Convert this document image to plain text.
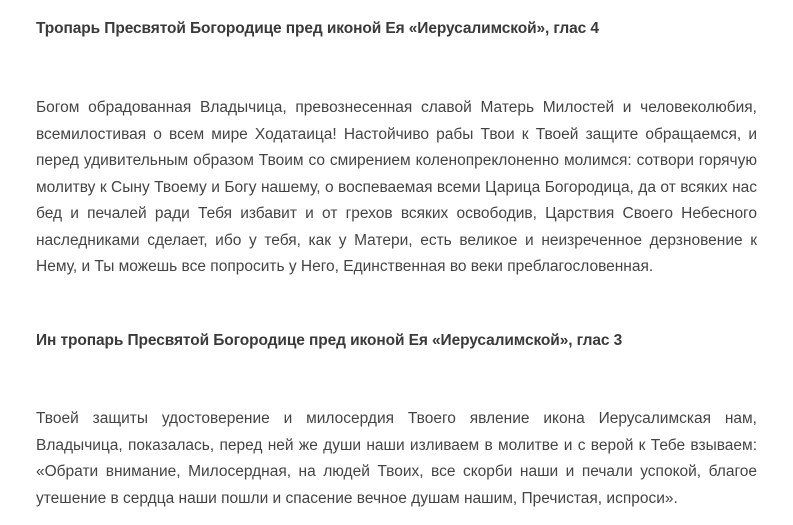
Тропарь Пресвятой Богородице пред иконой Ея «Иерусалимской», глас 4

Богом обрадованная Владычица, превознесенная славой Матерь Милостей и человеколюбия, всемилостивая о всем мире Ходатаица! Настойчиво рабы Твои к Твоей защите обращаемся, и перед удивительным образом Твоим со смирением коленопреклоненно молимся: сотвори горячую молитву к Сыну Твоему и Богу нашему, о воспеваемая всеми Царица Богородица, да от всяких нас бед и печалей ради Тебя избавит и от грехов всяких освободив, Царствия Своего Небесного наследниками сделает, ибо у тебя, как у Матери, есть великое и неизреченное дерзновение к Нему, и Ты можешь все попросить у Него, Единственная во веки преблагословенная.

Ин тропарь Пресвятой Богородице пред иконой Ея «Иерусалимской», глас 3

Твоей защиты удостоверение и милосердия Твоего явление икона Иерусалимская нам, Владычица, показалась, перед ней же души наши изливаем в молитве и с верой к Тебе взываем: «Обрати внимание, Милосердная, на людей Твоих, все скорби наши и печали успокой, благое утешение в сердца наши пошли и спасение вечное душам нашим, Пречистая, испроси».
